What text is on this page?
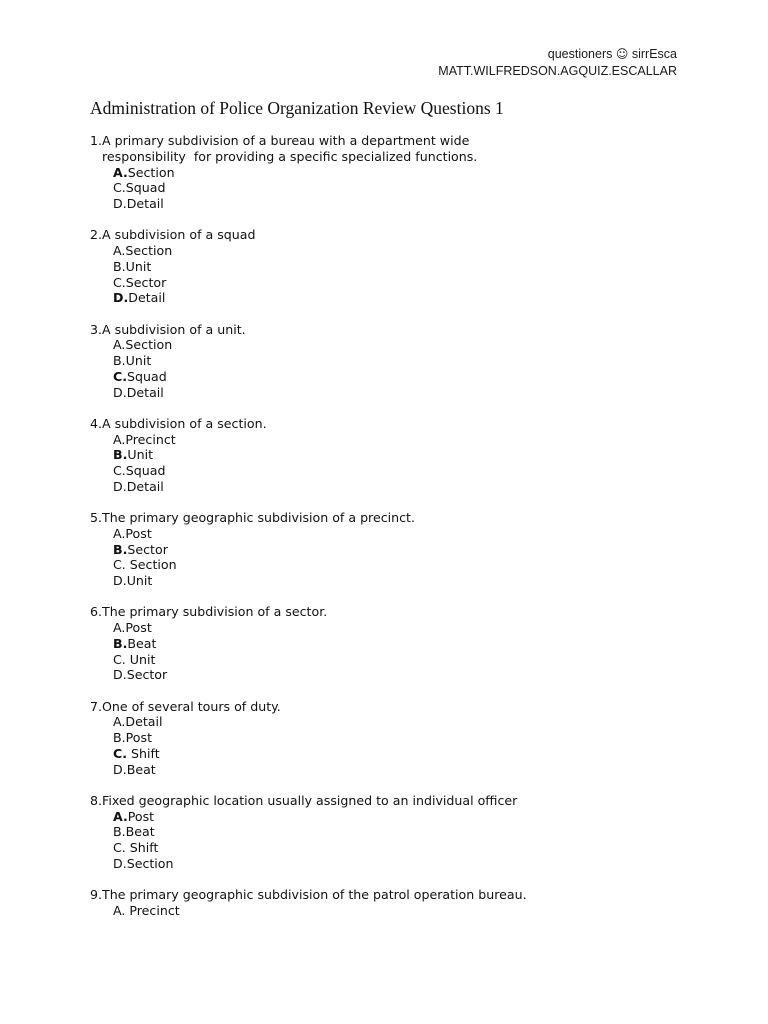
questioners ☺ sirrEsca
MATT.WILFREDSON.AGQUIZ.ESCALLAR
Administration of Police Organization Review Questions 1
1.A primary subdivision of a bureau with a department wide
responsibility  for providing a specific specialized functions.
A.Section
C.Squad
D.Detail
2.A subdivision of a squad
A.Section
B.Unit
C.Sector
D.Detail
3.A subdivision of a unit.
A.Section
B.Unit
C.Squad
D.Detail
4.A subdivision of a section.
A.Precinct
B.Unit
C.Squad
D.Detail
5.The primary geographic subdivision of a precinct.
A.Post
B.Sector
C. Section
D.Unit
6.The primary subdivision of a sector.
A.Post
B.Beat
C. Unit
D.Sector
7.One of several tours of duty.
A.Detail
B.Post
C. Shift
D.Beat
8.Fixed geographic location usually assigned to an individual officer
A.Post
B.Beat
C. Shift
D.Section
9.The primary geographic subdivision of the patrol operation bureau.
A. Precinct
